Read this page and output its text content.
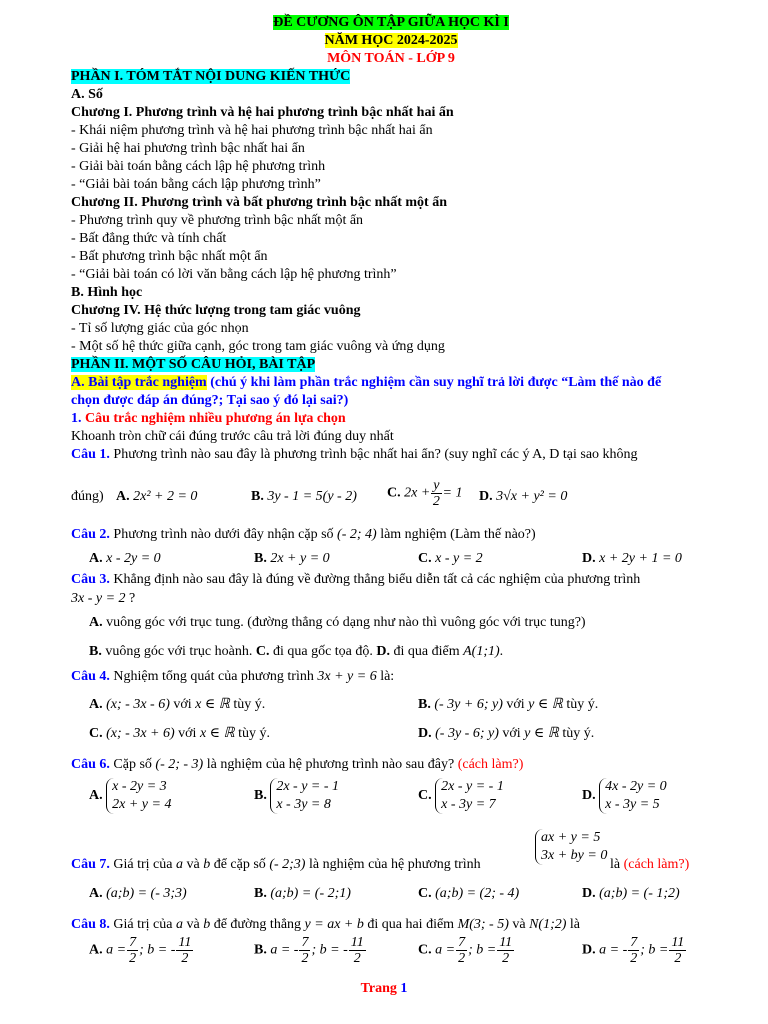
ĐỀ CƯƠNG ÔN TẬP GIỮA HỌC KÌ I
NĂM HỌC 2024-2025
MÔN TOÁN - LỚP 9
PHẦN I. TÓM TẮT NỘI DUNG KIẾN THỨC
A. Số
Chương I. Phương trình và hệ hai phương trình bậc nhất hai ẩn
- Khái niệm phương trình và hệ hai phương trình bậc nhất hai ẩn
- Giải hệ hai phương trình bậc nhất hai ẩn
- Giải bài toán bằng cách lập hệ phương trình
- “Giải bài toán bằng cách lập phương trình”
Chương II. Phương trình và bất phương trình bậc nhất một ẩn
- Phương trình quy về phương trình bậc nhất một ẩn
- Bất đẳng thức và tính chất
- Bất phương trình bậc nhất một ẩn
- “Giải bài toán có lời văn bằng cách lập hệ phương trình”
B. Hình học
Chương IV. Hệ thức lượng trong tam giác vuông
- Tỉ số lượng giác của góc nhọn
- Một số hệ thức giữa cạnh, góc trong tam giác vuông và ứng dụng
PHẦN II. MỘT SỐ CÂU HỎI, BÀI TẬP
A. Bài tập trắc nghiệm (chú ý khi làm phần trắc nghiệm cần suy nghĩ trả lời được “Làm thế nào để
chọn được đáp án đúng?; Tại sao ý đó lại sai?)
1. Câu trắc nghiệm nhiều phương án lựa chọn
Khoanh tròn chữ cái đúng trước câu trả lời đúng duy nhất
Câu 1. Phương trình nào sau đây là phương trình bậc nhất hai ẩn? (suy nghĩ các ý A, D tại sao không
đúng) A. 2x² + 2 = 0	B. 3y - 1 = 5(y - 2) C. $2x + \frac{y}{2} = 1$ D. 3√x + y² = 0
Câu 2. Phương trình nào dưới đây nhận cặp số (- 2; 4) làm nghiệm (Làm thế nào?)
A. x - 2y = 0	B. 2x + y = 0	C. x - y = 2	D. x + 2y + 1 = 0
Câu 3. Khẳng định nào sau đây là đúng về đường thẳng biểu diễn tất cả các nghiệm của phương trình
3x - y = 2 ?
A. vuông góc với trục tung. (đường thẳng có dạng như nào thì vuông góc với trục tung?)
B. vuông góc với trục hoành. C. đi qua gốc tọa độ. D. đi qua điểm A(1;1).
Câu 4. Nghiệm tổng quát của phương trình 3x + y = 6 là:
A. (x; - 3x - 6) với x ∈ ℝ tùy ý.	B. (- 3y + 6; y) với y ∈ ℝ tùy ý.
C. (x; - 3x + 6) với x ∈ ℝ tùy ý.	D. (- 3y - 6; y) với y ∈ ℝ tùy ý.
Câu 6. Cặp số (- 2; - 3) là nghiệm của hệ phương trình nào sau đây? (cách làm?)
A. x - 2y = 3
2x + y = 4
B. 2x - y = - 1
x - 3y = 8
C. 2x - y = - 1
x - 3y = 7
D. 4x - 2y = 0
x - 3y = 5
Câu 7. Giá trị của a và b để cặp số (- 2;3) là nghiệm của hệ phương trình
ax + y = 5
3x + by = 0
là (cách làm?)
A. (a;b) = (- 3;3)	B. (a;b) = (- 2;1)	C. (a;b) = (2; - 4)	D. (a;b) = (- 1;2)
Câu 8. Giá trị của a và b để đường thẳng y = ax + b đi qua hai điểm M(3; - 5) và N(1;2) là
A. $a = \frac{7}{2}$ ; b = - $\frac{11}{2}$	B. a = - $\frac{7}{2}$ ; b = - $\frac{11}{2}$	C. $a = \frac{7}{2}$ ; $b = \frac{11}{2}$	D. a = - $\frac{7}{2}$ ; $b = \frac{11}{2}$
Trang 1
